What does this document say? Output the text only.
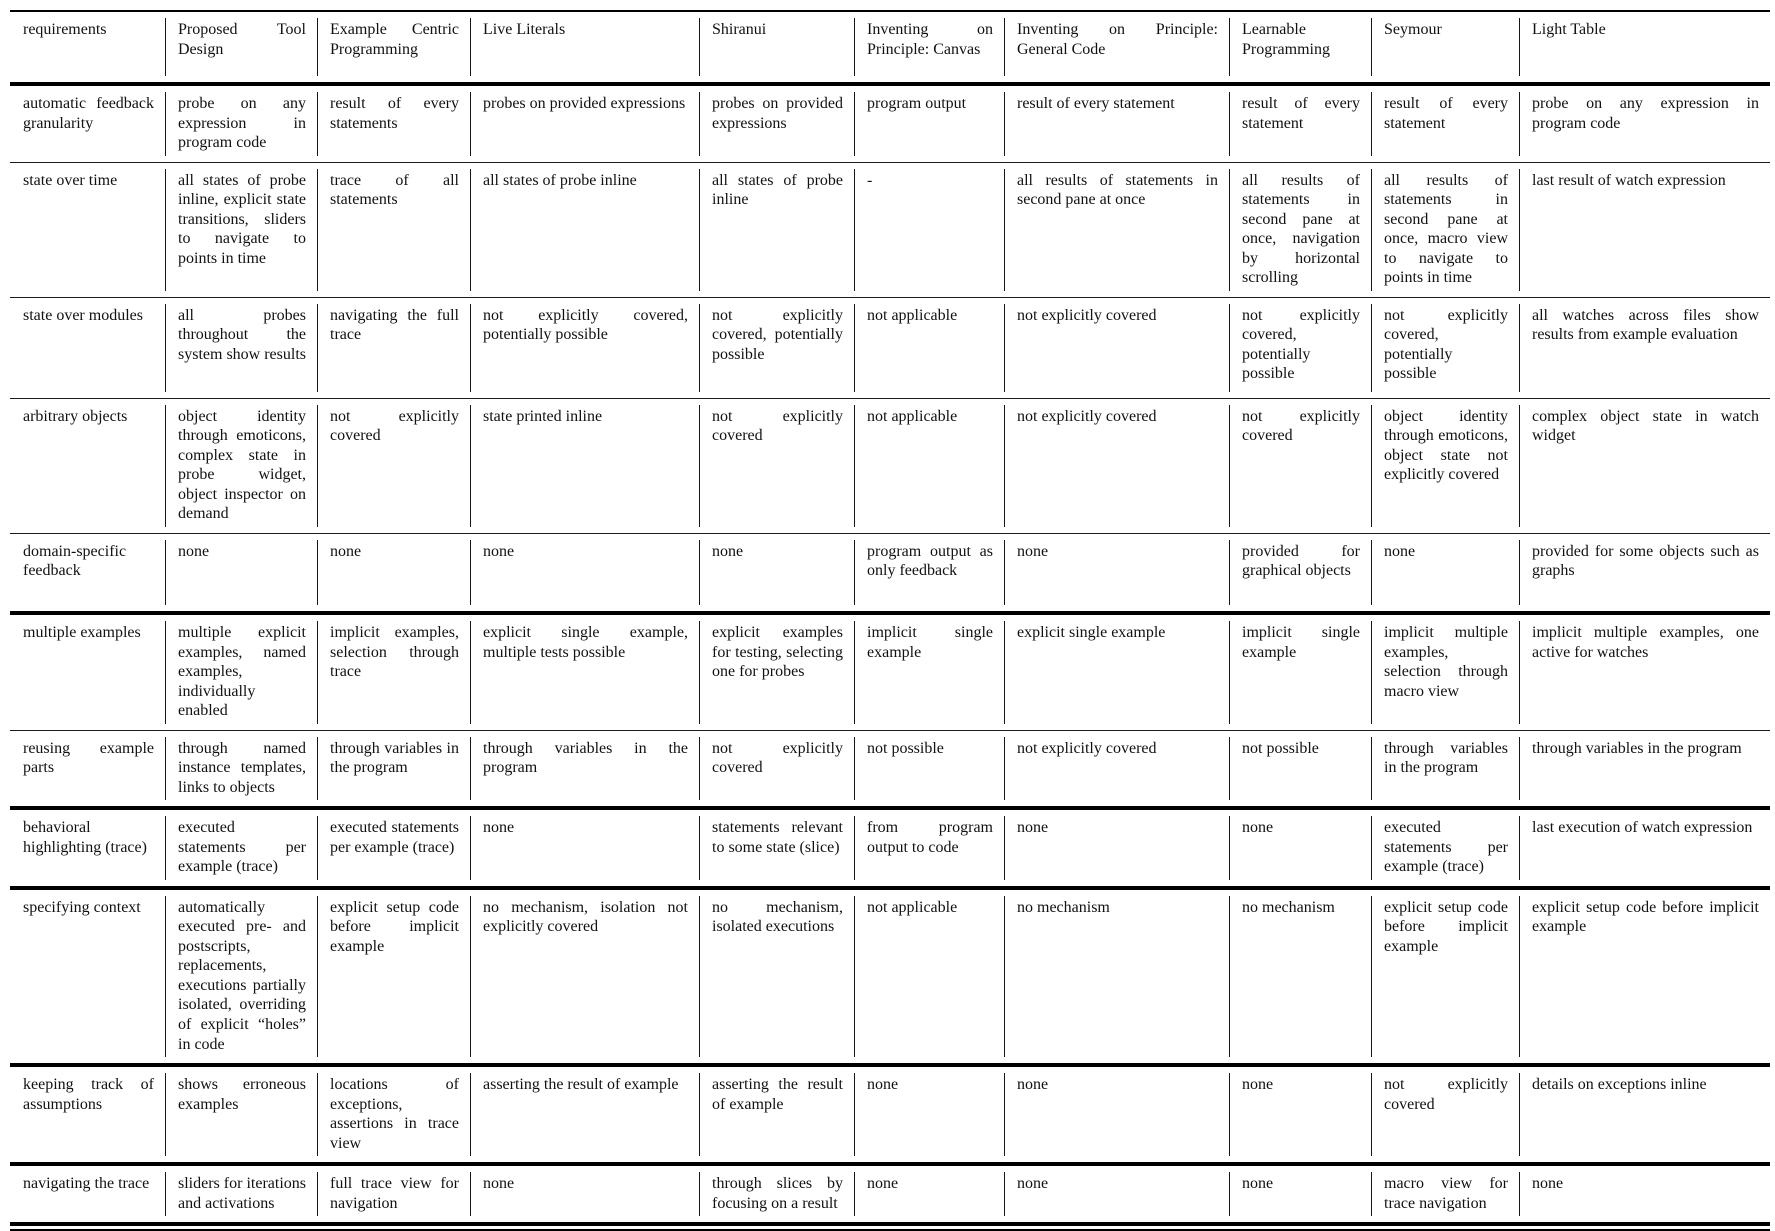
requirements	Proposed Tool Design	Example Centric Programming	Live Literals	Shiranui	Inventing on Principle: Canvas	Inventing on Principle: General Code	Learnable Programming	Seymour	Light Table
automatic feedback granularity	probe on any expression in program code	result of every statements	probes on provided expressions	probes on provided expressions	program output	result of every statement	result of every statement	result of every statement	probe on any expression in program code
state over time	all states of probe inline, explicit state transitions, sliders to navigate to points in time	trace of all statements	all states of probe inline	all states of probe inline	-	all results of statements in second pane at once	all results of statements in second pane at once, navigation by horizontal scrolling	all results of statements in second pane at once, macro view to navigate to points in time	last result of watch expression
state over modules	all probes throughout the system show results	navigating the full trace	not explicitly covered, potentially possible	not explicitly covered, potentially possible	not applicable	not explicitly covered	not explicitly covered, potentially possible	not explicitly covered, potentially possible	all watches across files show results from example evaluation
arbitrary objects	object identity through emoticons, complex state in probe widget, object inspector on demand	not explicitly covered	state printed inline	not explicitly covered	not applicable	not explicitly covered	not explicitly covered	object identity through emoticons, object state not explicitly covered	complex object state in watch widget
domain-specific feedback	none	none	none	none	program output as only feedback	none	provided for graphical objects	none	provided for some objects such as graphs
multiple examples	multiple explicit examples, named examples, individually enabled	implicit examples, selection through trace	explicit single example, multiple tests possible	explicit examples for testing, selecting one for probes	implicit single example	explicit single example	implicit single example	implicit multiple examples, selection through macro view	implicit multiple examples, one active for watches
reusing example parts	through named instance templates, links to objects	through variables in the program	through variables in the program	not explicitly covered	not possible	not explicitly covered	not possible	through variables in the program	through variables in the program
behavioral highlighting (trace)	executed statements per example (trace)	executed statements per example (trace)	none	statements relevant to some state (slice)	from program output to code	none	none	executed statements per example (trace)	last execution of watch expression
specifying context	automatically executed pre- and postscripts, replacements, executions partially isolated, overriding of explicit “holes” in code	explicit setup code before implicit example	no mechanism, isolation not explicitly covered	no mechanism, isolated executions	not applicable	no mechanism	no mechanism	explicit setup code before implicit example	explicit setup code before implicit example
keeping track of assumptions	shows erroneous examples	locations of exceptions, assertions in trace view	asserting the result of example	asserting the result of example	none	none	none	not explicitly covered	details on exceptions inline
navigating the trace	sliders for iterations and activations	full trace view for navigation	none	through slices by focusing on a result	none	none	none	macro view for trace navigation	none
